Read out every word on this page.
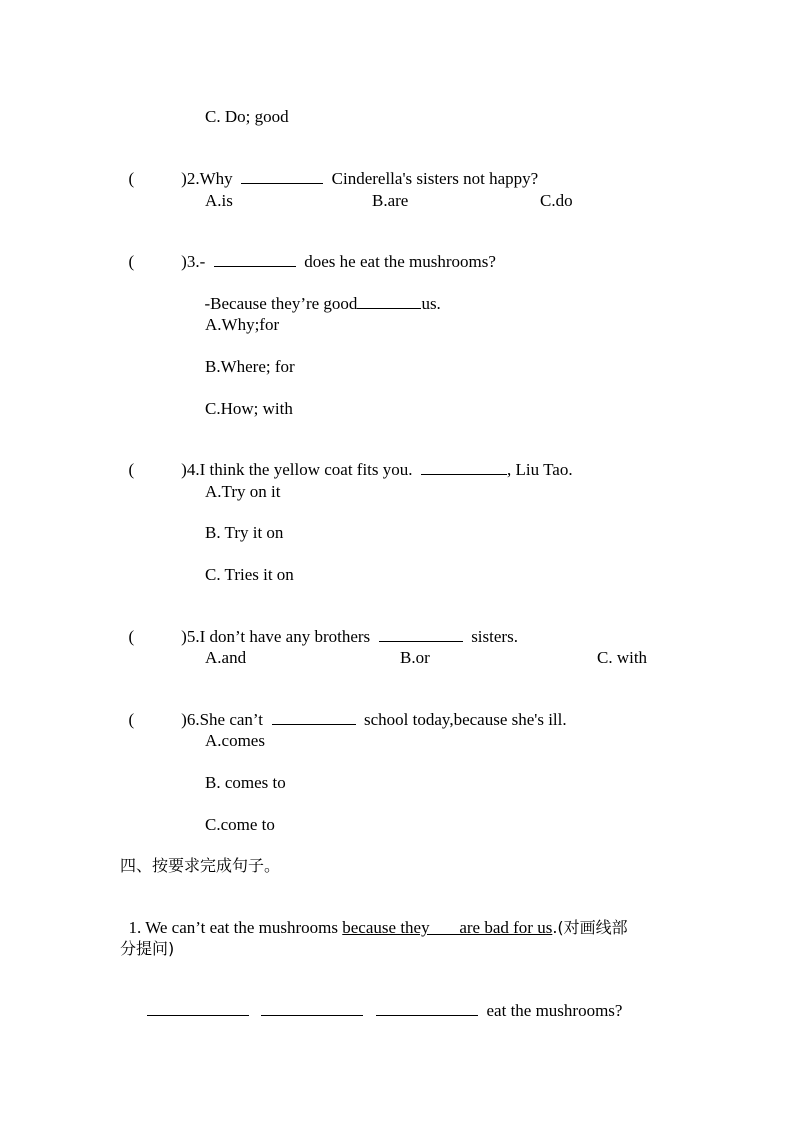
C. Do; good

(	)2.Why	Cinderella's sisters not happy?

A.is	B.are	C.do

(	)3.-	does he eat the mushrooms?

-Because they’re good	us.

A.Why;for
B.Where; for
C.How; with

(	)4.I think the yellow coat fits you.	, Liu Tao.

A.Try on it
B. Try it on
C. Tries it on

(	)5.I don’t have any brothers	sisters.

A.and	B.or	C. with

(	)6.She can’t	school today,because she's ill.

A.comes
B. comes to
C.come to
四、按要求完成句子。

1. We can’t eat the mushrooms because they       are bad for us.(对画线部

分提问)

eat the mushrooms?
